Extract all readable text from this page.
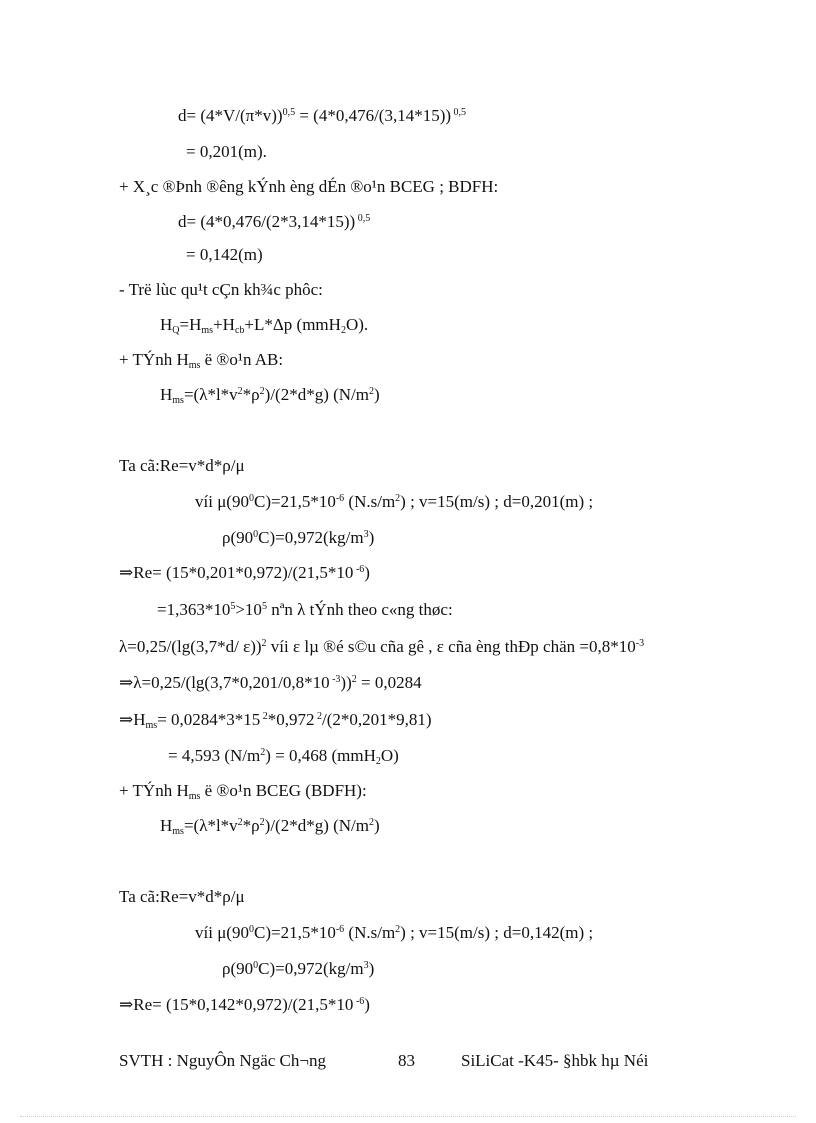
$d= (4*V/(\pi*v))^{0,5} = (4*0,476/(3,14*15))$ $^{0,5}$
= 0,201(m).
+ X¸c ®Þnh ®êng kÝnh èng dÉn ®o¹n BCEG ; BDFH:
d= (4*0,476/(2*3,14*15)) $^{0,5}$
= 0,142(m)
- Trë lùc qu¹t cÇn kh¾c phôc:
$H_Q=H_{ms}+H_{cb}+L*\Delta p$ (mmH$_2$O).
+ TÝnh $H_{ms}$ ë ®o¹n AB:
$H_{ms}=(\lambda*l*v^2*\rho^2)/(2*d*g)$ $(N/m^2)$
Ta cã:Re=v*d*ρ/μ
víi $\mu(90^0C)=21,5*10^{-6}$ $(N.s/m^2)$ ; v=15(m/s) ; d=0,201(m) ;
$\rho(90^0C)=0,972(kg/m^3)$
⇒Re= (15*0,201*0,972)/(21,5*10 $^{-6}$)
$=1,363*10^5>10^5$ nªn λ tÝnh theo c«ng thøc:
λ=0,25/(lg(3,7*d/ ε))$^2$ víi ε lµ ®é s©u cña gê , ε cña èng thÐp chän $=0,8*10^{-3}$
⇒λ=0,25/(lg(3,7*0,201/0,8*10 $^{-3}$))$^2$ = 0,0284
$\Rightarrow H_{ms}= 0,0284*3*15$ $^2$*0,972 $^2$/(2*0,201*9,81)
= 4,593 $(N/m^2) = 0,468$ (mmH$_2$O)
+ TÝnh $H_{ms}$ ë ®o¹n BCEG (BDFH):
$H_{ms}=(\lambda*l*v^2*\rho^2)/(2*d*g)$ $(N/m^2)$
Ta cã:Re=v*d*ρ/μ
víi $\mu(90^0C)=21,5*10^{-6}$ $(N.s/m^2)$ ; v=15(m/s) ; d=0,142(m) ;
$\rho(90^0C)=0,972(kg/m^3)$
⇒Re= (15*0,142*0,972)/(21,5*10 $^{-6}$)
SVTH : NguyÔn Ngäc Ch¬ng	83	SiLiCat -K45- §hbk hµ Néi
